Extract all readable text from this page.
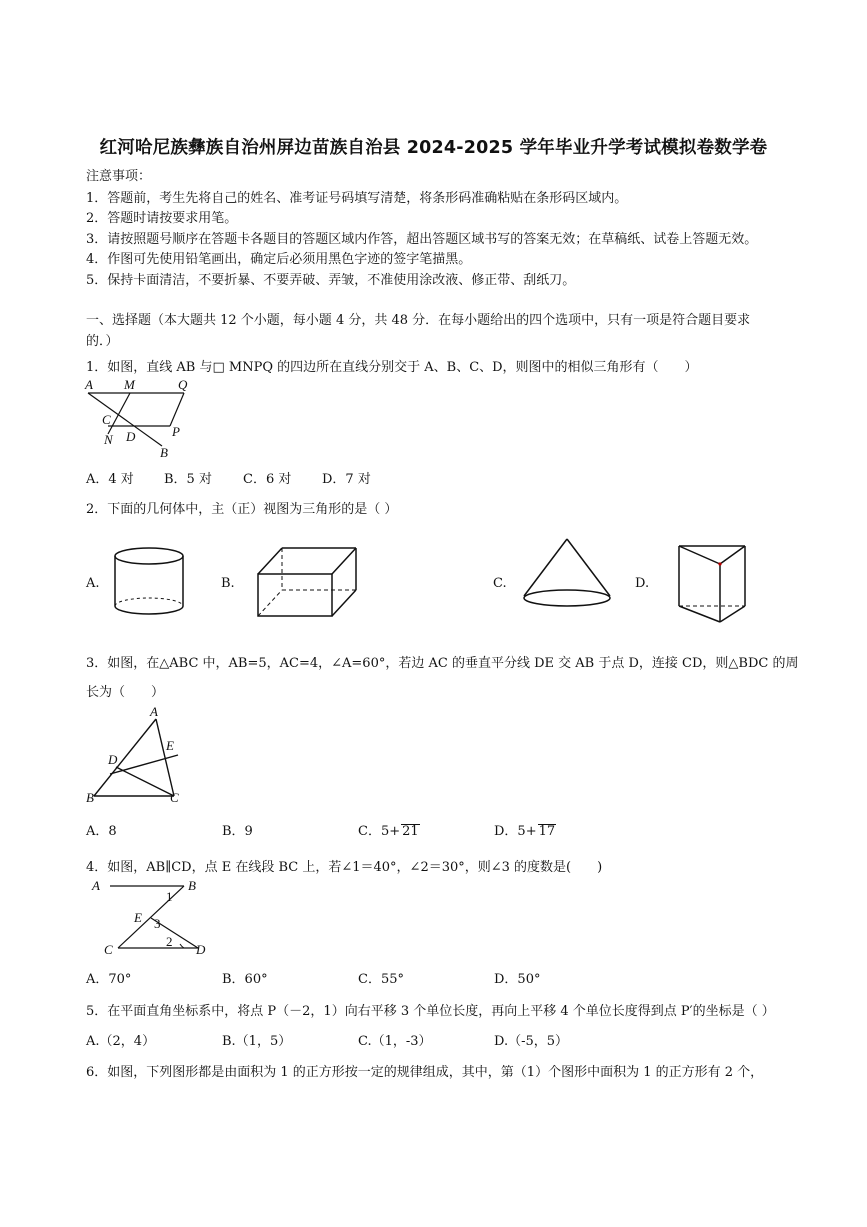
红河哈尼族彝族自治州屏边苗族自治县 2024-2025 学年毕业升学考试模拟卷数学卷
注意事项：
1．答题前，考生先将自己的姓名、准考证号码填写清楚，将条形码准确粘贴在条形码区域内。
2．答题时请按要求用笔。
3．请按照题号顺序在答题卡各题目的答题区域内作答，超出答题区域书写的答案无效；在草稿纸、试卷上答题无效。
4．作图可先使用铅笔画出，确定后必须用黑色字迹的签字笔描黑。
5．保持卡面清洁，不要折暴、不要弄破、弄皱，不准使用涂改液、修正带、刮纸刀。
一、选择题（本大题共 12 个小题，每小题 4 分，共 48 分．在每小题给出的四个选项中，只有一项是符合题目要求
的．）
1．如图，直线 AB 与□ MNPQ 的四边所在直线分别交于 A、B、C、D，则图中的相似三角形有（　　）
A M	Q
C
N D	P
B
A．4 对 B．5 对 C．6 对 D．7 对
2．下面的几何体中，主（正）视图为三角形的是（ ）
A.	B.	C.	D.
3．如图，在△ABC 中，AB=5，AC=4，∠A=60°，若边 AC 的垂直平分线 DE 交 AB 于点 D，连接 CD，则△BDC 的周
长为（　　）
A
D
E
B	C
A．8	B．9	C．5+ 21	D．5+ 17
4．如图，AB∥CD，点 E 在线段 BC 上，若∠1＝40°，∠2＝30°，则∠3 的度数是(　　)
A	B
1
E 3
C
2
D
A．70°	B．60°	C．55°	D．50°
5．在平面直角坐标系中，将点 P（－2，1）向右平移 3 个单位长度，再向上平移 4 个单位长度得到点 P′的坐标是（ ）
A.（2，4）	B.（1，5）	C.（1，-3）	D.（-5，5）
6．如图，下列图形都是由面积为 1 的正方形按一定的规律组成，其中，第（1）个图形中面积为 1 的正方形有 2 个，
